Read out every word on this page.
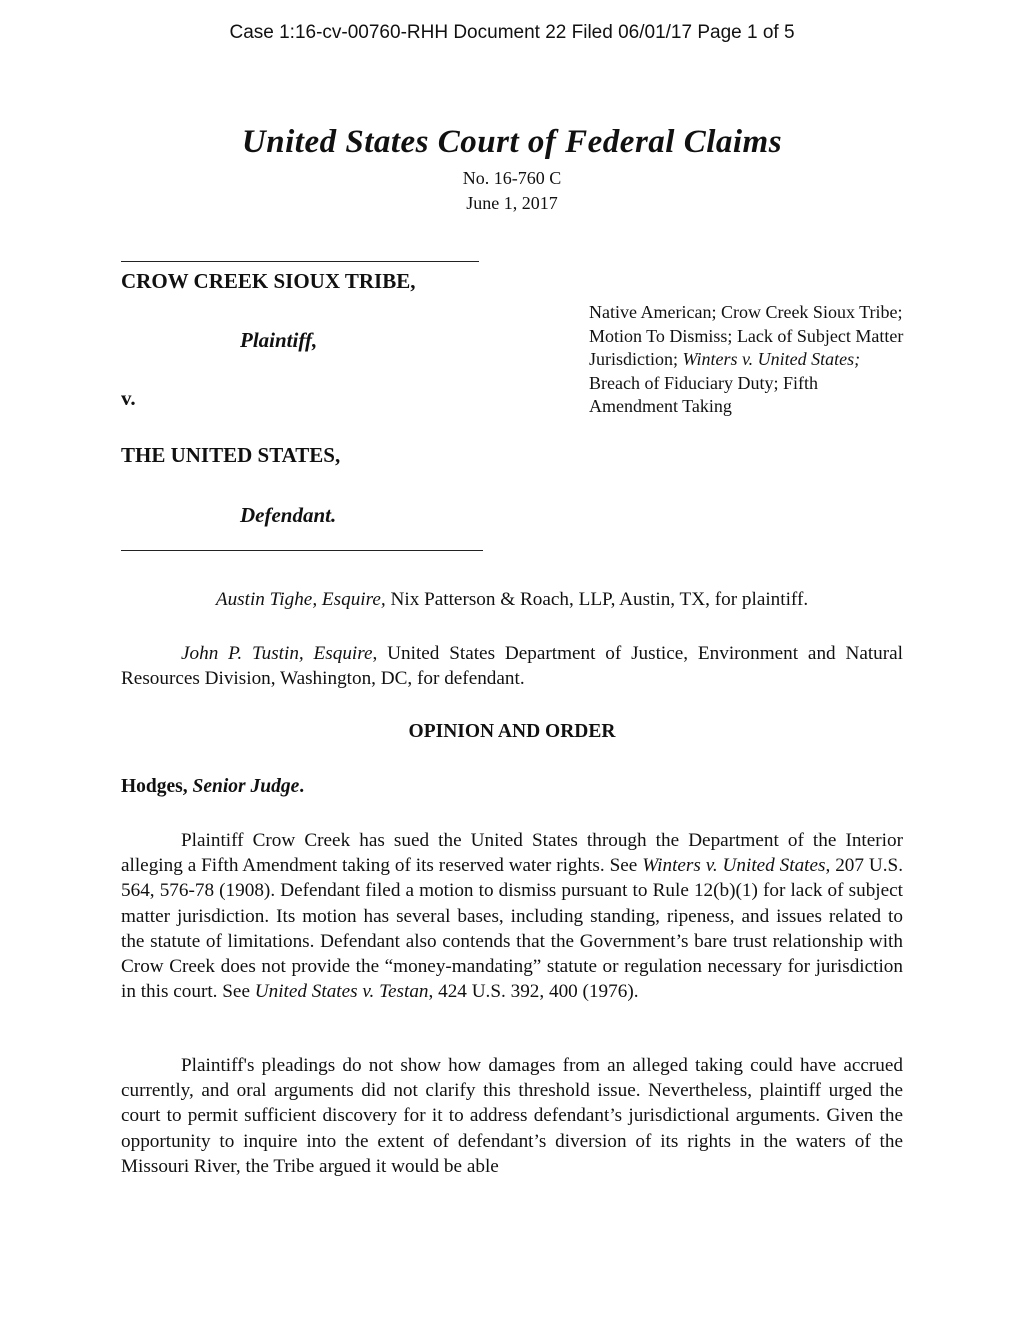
Case 1:16-cv-00760-RHH Document 22 Filed 06/01/17 Page 1 of 5
United States Court of Federal Claims
No. 16-760 C
June 1, 2017
CROW CREEK SIOUX TRIBE,
Plaintiff,
v.
THE UNITED STATES,
Defendant.
Native American; Crow Creek Sioux Tribe; Motion To Dismiss; Lack of Subject Matter Jurisdiction; Winters v. United States; Breach of Fiduciary Duty; Fifth Amendment Taking
Austin Tighe, Esquire, Nix Patterson & Roach, LLP, Austin, TX, for plaintiff.
John P. Tustin, Esquire, United States Department of Justice, Environment and Natural Resources Division, Washington, DC, for defendant.
OPINION AND ORDER
Hodges, Senior Judge.
Plaintiff Crow Creek has sued the United States through the Department of the Interior alleging a Fifth Amendment taking of its reserved water rights. See Winters v. United States, 207 U.S. 564, 576-78 (1908). Defendant filed a motion to dismiss pursuant to Rule 12(b)(1) for lack of subject matter jurisdiction. Its motion has several bases, including standing, ripeness, and issues related to the statute of limitations. Defendant also contends that the Government’s bare trust relationship with Crow Creek does not provide the “money-mandating” statute or regulation necessary for jurisdiction in this court. See United States v. Testan, 424 U.S. 392, 400 (1976).
Plaintiff's pleadings do not show how damages from an alleged taking could have accrued currently, and oral arguments did not clarify this threshold issue. Nevertheless, plaintiff urged the court to permit sufficient discovery for it to address defendant’s jurisdictional arguments. Given the opportunity to inquire into the extent of defendant’s diversion of its rights in the waters of the Missouri River, the Tribe argued it would be able
